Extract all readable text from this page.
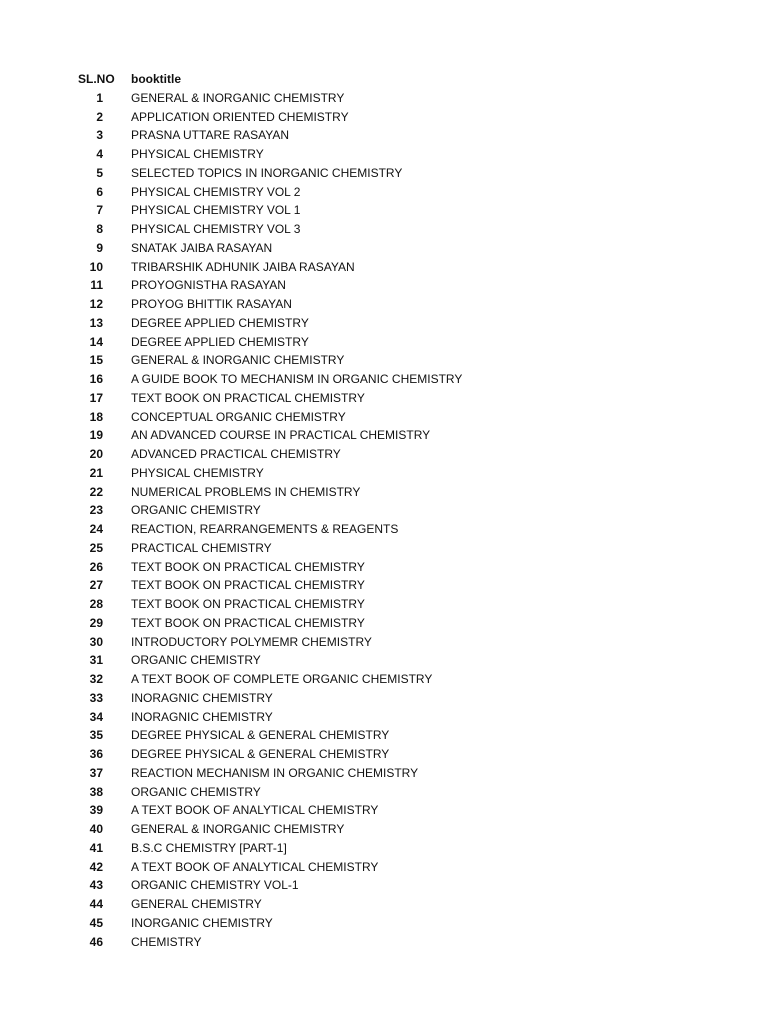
SL.NO booktitle
1 GENERAL & INORGANIC CHEMISTRY
2 APPLICATION ORIENTED CHEMISTRY
3 PRASNA UTTARE RASAYAN
4 PHYSICAL CHEMISTRY
5 SELECTED TOPICS IN INORGANIC CHEMISTRY
6 PHYSICAL CHEMISTRY VOL 2
7 PHYSICAL CHEMISTRY VOL 1
8 PHYSICAL CHEMISTRY VOL 3
9 SNATAK JAIBA RASAYAN
10 TRIBARSHIK ADHUNIK JAIBA RASAYAN
11 PROYOGNISTHA RASAYAN
12 PROYOG BHITTIK RASAYAN
13 DEGREE APPLIED CHEMISTRY
14 DEGREE APPLIED CHEMISTRY
15 GENERAL & INORGANIC CHEMISTRY
16 A GUIDE BOOK TO MECHANISM IN ORGANIC CHEMISTRY
17 TEXT BOOK ON PRACTICAL CHEMISTRY
18 CONCEPTUAL ORGANIC CHEMISTRY
19 AN ADVANCED COURSE IN PRACTICAL CHEMISTRY
20 ADVANCED PRACTICAL CHEMISTRY
21 PHYSICAL CHEMISTRY
22 NUMERICAL PROBLEMS IN CHEMISTRY
23 ORGANIC CHEMISTRY
24 REACTION, REARRANGEMENTS & REAGENTS
25 PRACTICAL CHEMISTRY
26 TEXT BOOK ON PRACTICAL CHEMISTRY
27 TEXT BOOK ON PRACTICAL CHEMISTRY
28 TEXT BOOK ON PRACTICAL CHEMISTRY
29 TEXT BOOK ON PRACTICAL CHEMISTRY
30 INTRODUCTORY POLYMEMR CHEMISTRY
31 ORGANIC CHEMISTRY
32 A TEXT BOOK OF COMPLETE ORGANIC CHEMISTRY
33 INORAGNIC CHEMISTRY
34 INORAGNIC CHEMISTRY
35 DEGREE PHYSICAL & GENERAL CHEMISTRY
36 DEGREE PHYSICAL & GENERAL CHEMISTRY
37 REACTION MECHANISM IN ORGANIC CHEMISTRY
38 ORGANIC CHEMISTRY
39 A TEXT BOOK OF ANALYTICAL CHEMISTRY
40 GENERAL & INORGANIC CHEMISTRY
41 B.S.C CHEMISTRY [PART-1]
42 A TEXT BOOK OF ANALYTICAL CHEMISTRY
43 ORGANIC CHEMISTRY VOL-1
44 GENERAL CHEMISTRY
45 INORGANIC CHEMISTRY
46 CHEMISTRY
